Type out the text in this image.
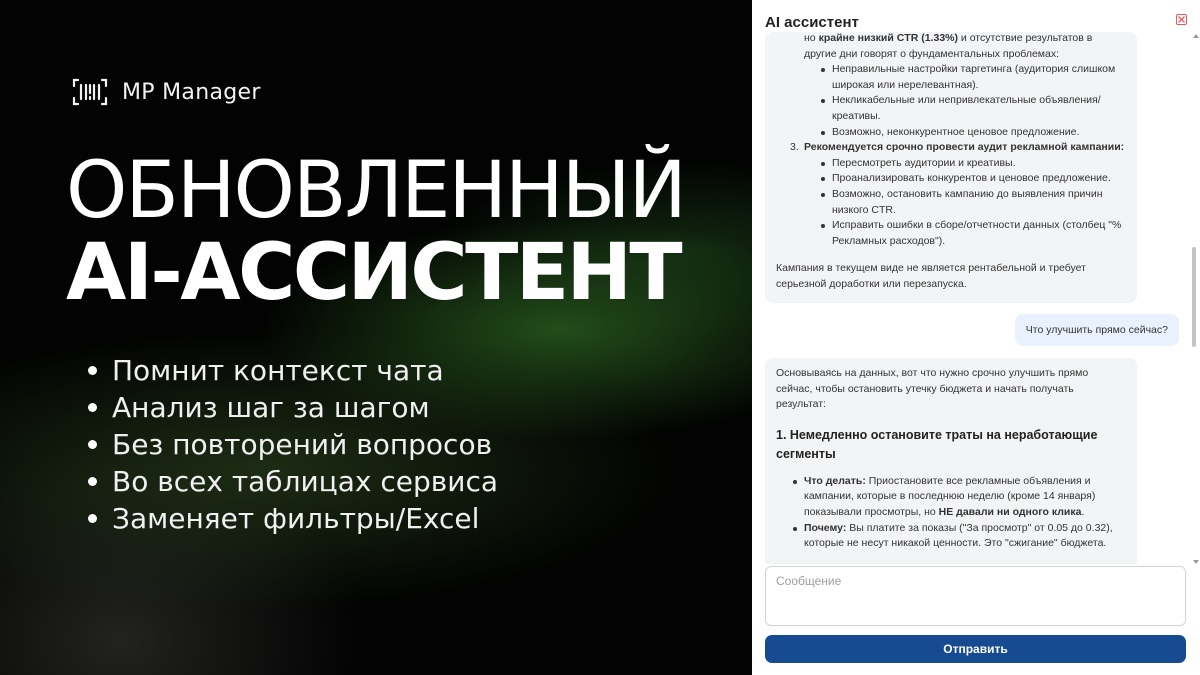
MP Manager
ОБНОВЛЕННЫЙ
AI-АССИСТЕНТ
Помнит контекст чата
Анализ шаг за шагом
Без повторений вопросов
Во всех таблицах сервиса
Заменяет фильтры/Excel
AI ассистент
но крайне низкий CTR (1.33%) и отсутствие результатов в другие дни говорят о фундаментальных проблемах:
Неправильные настройки таргетинга (аудитория слишком широкая или нерелевантная).
Некликабельные или непривлекательные объявления/креативы.
Возможно, неконкурентное ценовое предложение.
3. Рекомендуется срочно провести аудит рекламной кампании:
Пересмотреть аудитории и креативы.
Проанализировать конкурентов и ценовое предложение.
Возможно, остановить кампанию до выявления причин низкого CTR.
Исправить ошибки в сборе/отчетности данных (столбец "% Рекламных расходов").

Кампания в текущем виде не является рентабельной и требует серьезной доработки или перезапуска.

Что улучшить прямо сейчас?

Основываясь на данных, вот что нужно срочно улучшить прямо сейчас, чтобы остановить утечку бюджета и начать получать результат:

1. Немедленно остановите траты на неработающие сегменты
Что делать: Приостановите все рекламные объявления и кампании, которые в последнюю неделю (кроме 14 января) показывали просмотры, но НЕ давали ни одного клика.
Почему: Вы платите за показы ("За просмотр" от 0.05 до 0.32), которые не несут никакой ценности. Это "сжигание" бюджета.
Сообщение
Отправить
